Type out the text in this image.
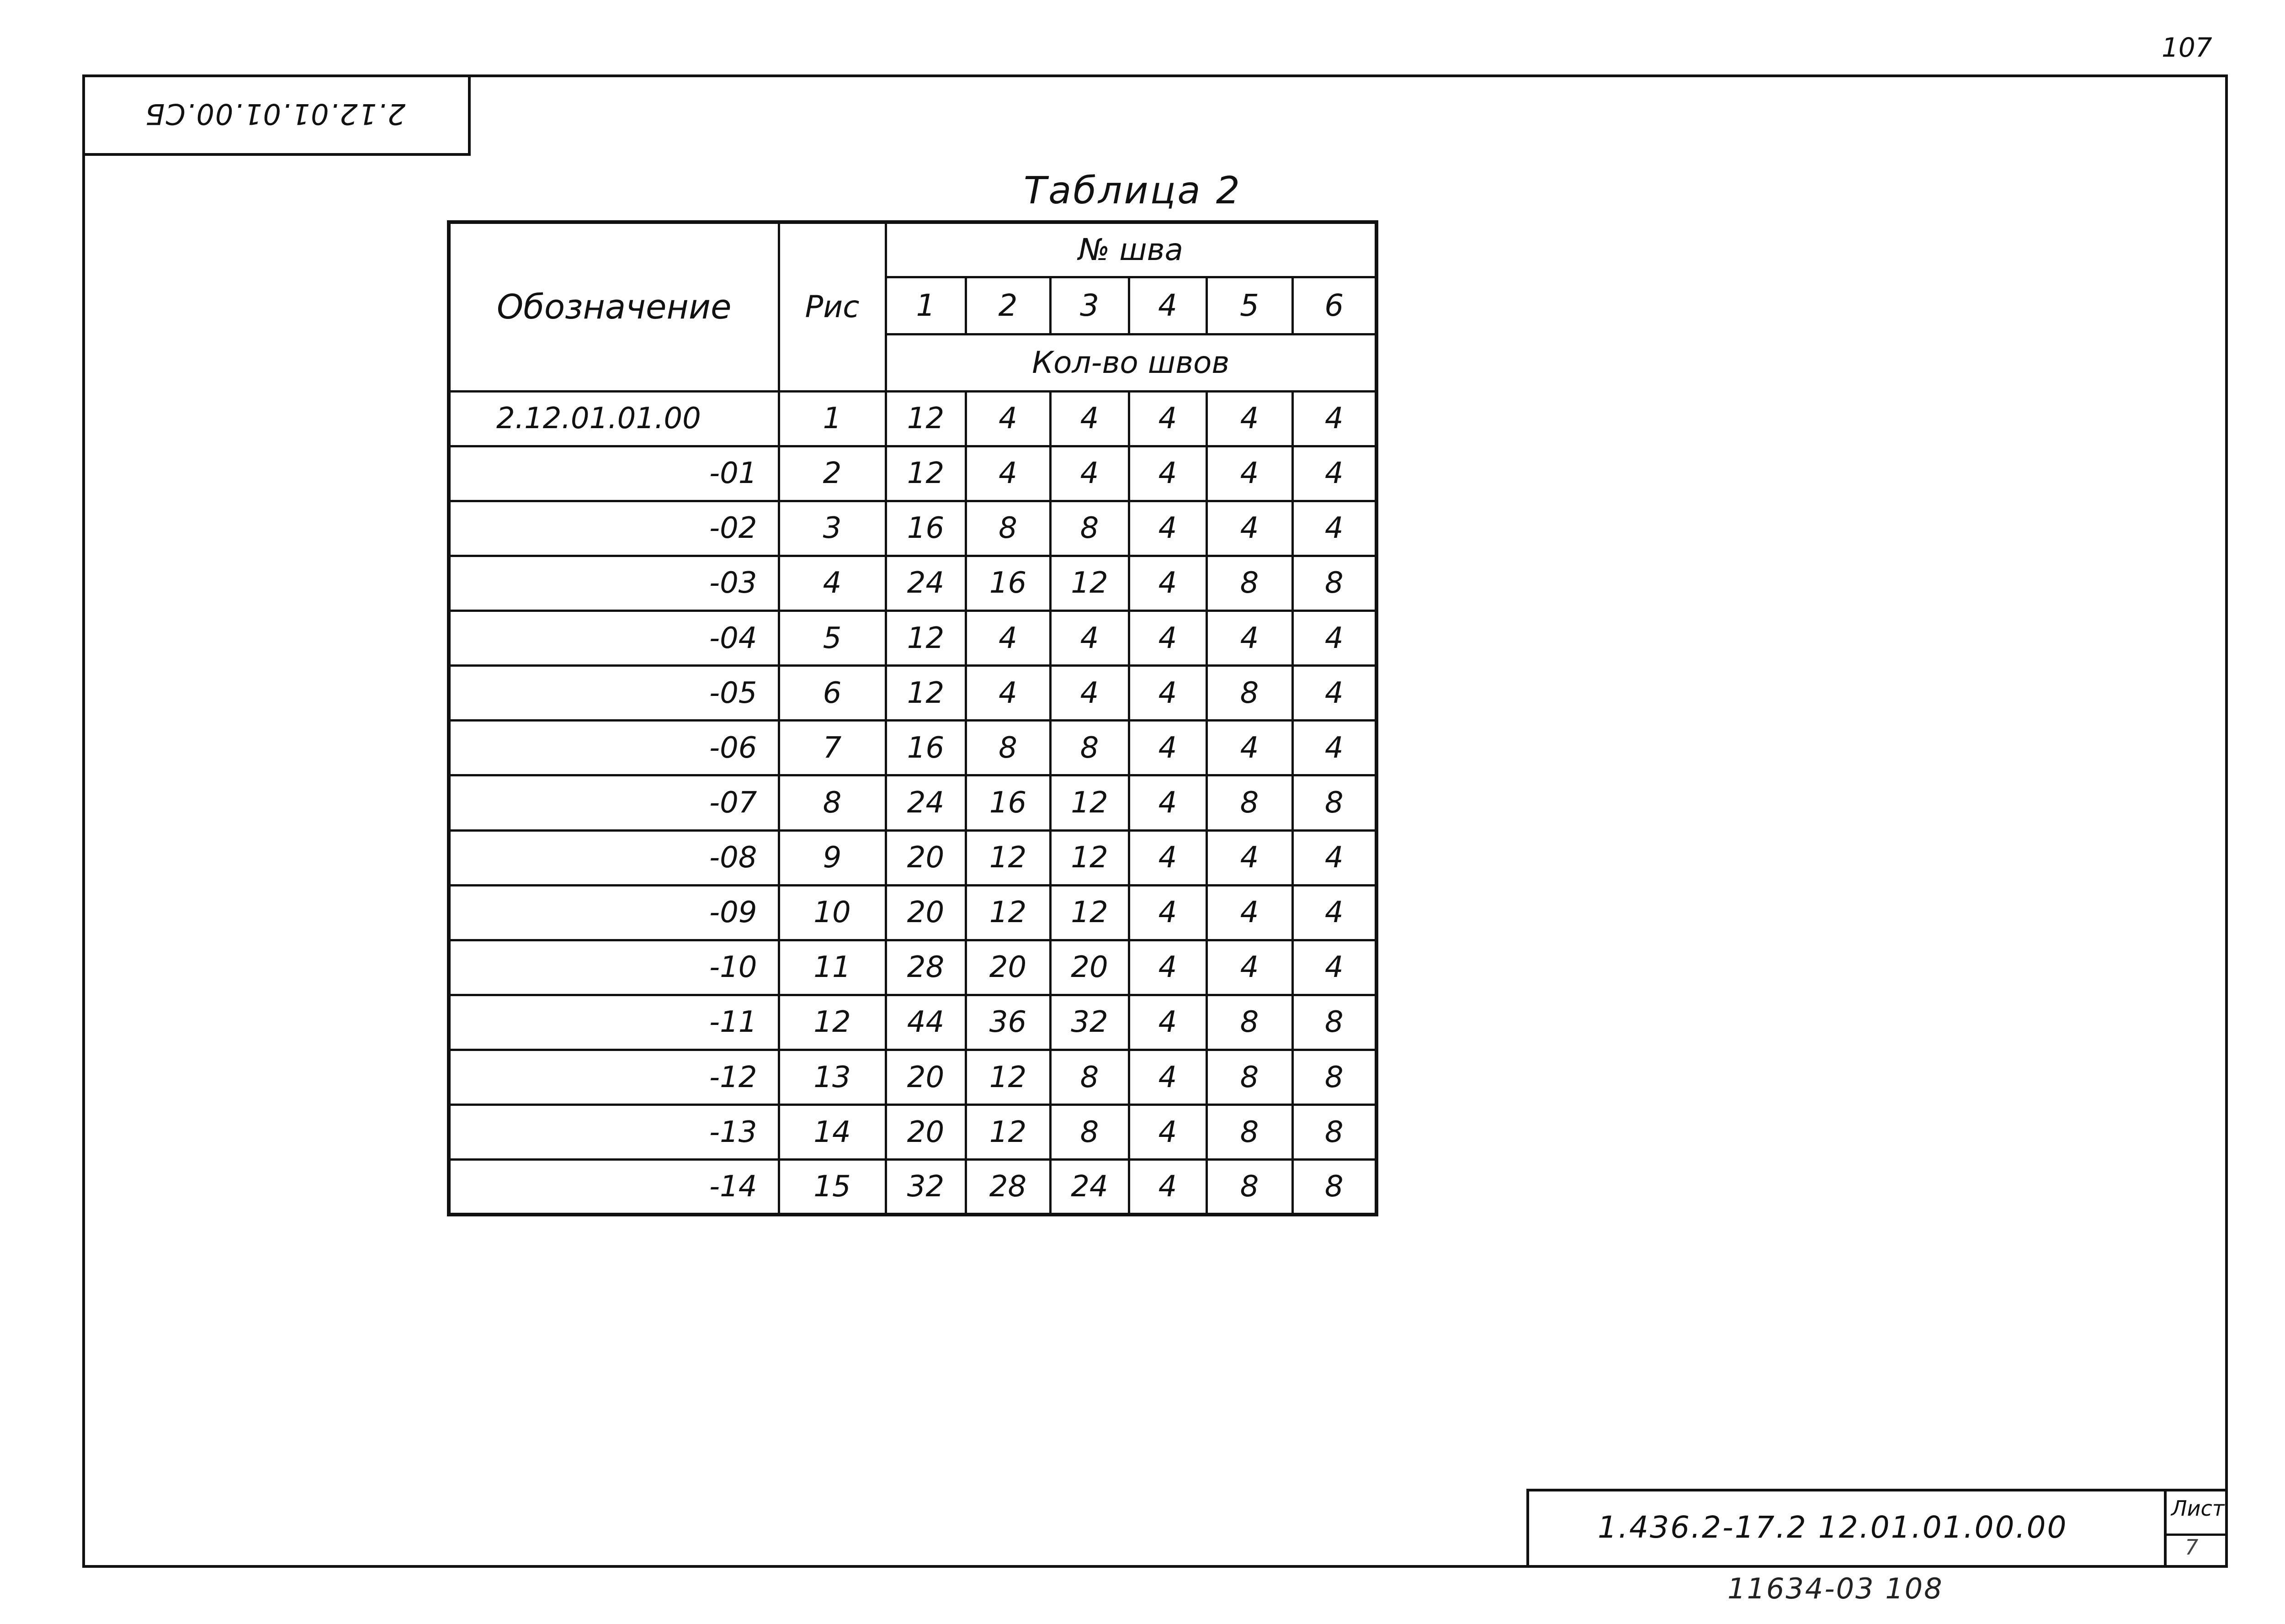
107
2.12.01.01.00.СБ
Таблица 2
Обозначение	Рис	№ шва					
		1	2	3	4	5	6
		Кол-во швов					
2.12.01.01.00	1	12	4	4	4	4	4
-01	2	12	4	4	4	4	4
-02	3	16	8	8	4	4	4
-03	4	24	16	12	4	8	8
-04	5	12	4	4	4	4	4
-05	6	12	4	4	4	8	4
-06	7	16	8	8	4	4	4
-07	8	24	16	12	4	8	8
-08	9	20	12	12	4	4	4
-09	10	20	12	12	4	4	4
-10	11	28	20	20	4	4	4
-11	12	44	36	32	4	8	8
-12	13	20	12	8	4	8	8
-13	14	20	12	8	4	8	8
-14	15	32	28	24	4	8	8
1.436.2-17.2 12.01.01.00.00
Лист
7
11634-03 108
